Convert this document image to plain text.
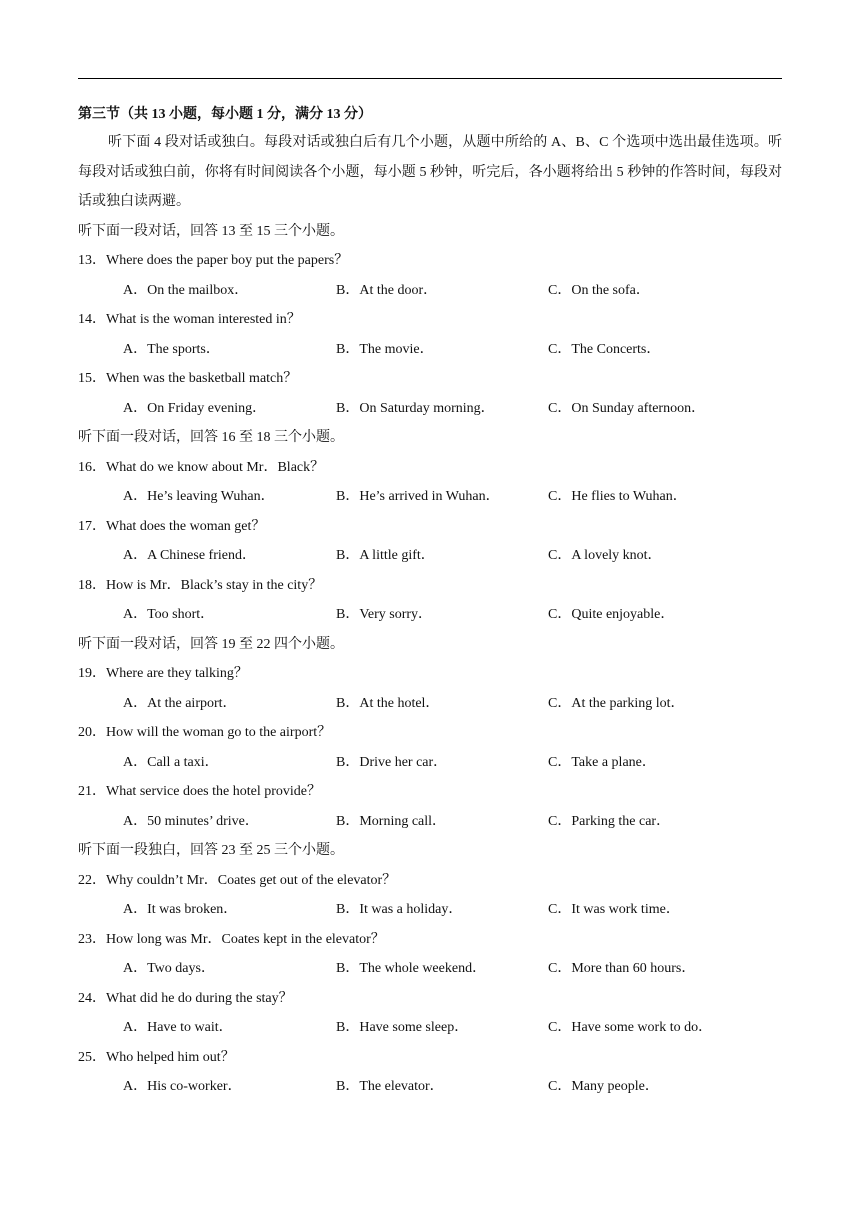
第三节（共 13 小题，每小题 1 分，满分 13 分）

听下面 4 段对话或独白。每段对话或独白后有几个小题，从题中所给的 A、B、C 个选项中选出最佳选项。听每段对话或独白前，你将有时间阅读各个小题，每小题 5 秒钟，听完后，各小题将给出 5 秒钟的作答时间，每段对话或独白读两避。

听下面一段对话，回答 13 至 15 三个小题。

13．Where does the paper boy put the papers？

A．On the mailbox．	B．At the door．	C．On the sofa．

14．What is the woman interested in？

A．The sports．	B．The movie．	C．The Concerts．

15．When was the basketball match？

A．On Friday evening．	B．On Saturday morning．	C．On Sunday afternoon．

听下面一段对话，回答 16 至 18 三个小题。

16．What do we know about Mr．Black？

A．He’s leaving Wuhan．	B．He’s arrived in Wuhan．	C．He flies to Wuhan．

17．What does the woman get？

A．A Chinese friend．	B．A little gift．	C．A lovely knot．

18．How is Mr．Black’s stay in the city？

A．Too short．	B．Very sorry．	C．Quite enjoyable．

听下面一段对话，回答 19 至 22 四个小题。

19．Where are they talking？

A．At the airport．	B．At the hotel．	C．At the parking lot．

20．How will the woman go to the airport？

A．Call a taxi．	B．Drive her car．	C．Take a plane．

21．What service does the hotel provide？

A．50 minutes’ drive．	B．Morning call．	C．Parking the car．

听下面一段独白，回答 23 至 25 三个小题。

22．Why couldn’t Mr．Coates get out of the elevator？

A．It was broken．	B．It was a holiday．	C．It was work time．

23．How long was Mr．Coates kept in the elevator？

A．Two days．	B．The whole weekend．	C．More than 60 hours．

24．What did he do during the stay？

A．Have to wait．	B．Have some sleep．	C．Have some work to do．

25．Who helped him out？

A．His co-worker．	B．The elevator．	C．Many people．
